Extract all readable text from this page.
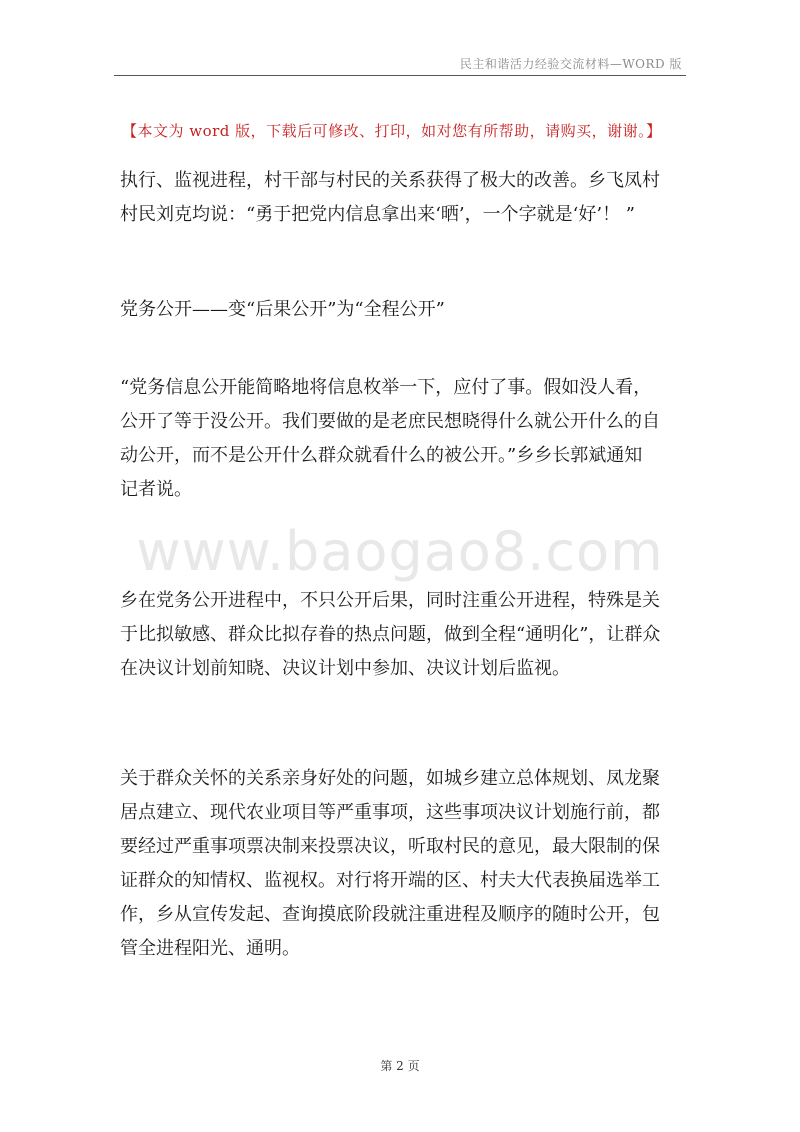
民主和谐活力经验交流材料—WORD 版
【本文为 word 版，下载后可修改、打印，如对您有所帮助，请购买，谢谢。】
执行、监视进程，村干部与村民的关系获得了极大的改善。乡飞凤村
村民刘克均说：“勇于把党内信息拿出来‘晒’，一个字就是‘好’！ ”
党务公开——变“后果公开”为“全程公开”
“党务信息公开能简略地将信息枚举一下，应付了事。假如没人看，
公开了等于没公开。我们要做的是老庶民想晓得什么就公开什么的自
动公开，而不是公开什么群众就看什么的被公开。”乡乡长郭斌通知
记者说。
乡在党务公开进程中，不只公开后果，同时注重公开进程，特殊是关
于比拟敏感、群众比拟存眷的热点问题，做到全程“通明化”，让群众
在决议计划前知晓、决议计划中参加、决议计划后监视。
关于群众关怀的关系亲身好处的问题，如城乡建立总体规划、凤龙聚
居点建立、现代农业项目等严重事项，这些事项决议计划施行前，都
要经过严重事项票决制来投票决议，听取村民的意见，最大限制的保
证群众的知情权、监视权。对行将开端的区、村夫大代表换届选举工
作，乡从宣传发起、查询摸底阶段就注重进程及顺序的随时公开，包
管全进程阳光、通明。
www.baogao8.com
第 2 页
